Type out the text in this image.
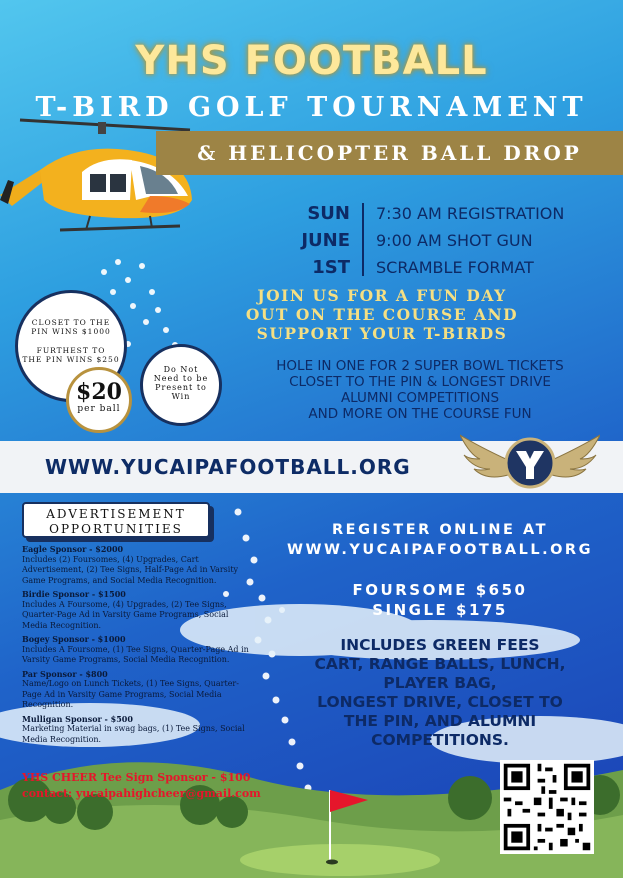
YHS FOOTBALL
T-BIRD GOLF TOURNAMENT
& HELICOPTER BALL DROP
SUN
JUNE
1ST
7:30 AM REGISTRATION
9:00 AM SHOT GUN
SCRAMBLE FORMAT
JOIN US FOR A FUN DAY
OUT ON THE COURSE AND
SUPPORT YOUR T-BIRDS
HOLE IN ONE FOR 2 SUPER BOWL TICKETS
CLOSET TO THE PIN & LONGEST DRIVE
ALUMNI COMPETITIONS
AND MORE ON THE COURSE FUN
CLOSET TO THE
PIN WINS $1000
FURTHEST TO
THE PIN WINS $250
Do Not
Need to be
Present to
Win
$20
per ball
WWW.YUCAIPAFOOTBALL.ORG
ADVERTISEMENT
OPPORTUNITIES
Eagle Sponsor - $2000
Includes (2) Foursomes, (4) Upgrades, Cart Advertisement, (2) Tee Signs, Half-Page Ad in Varsity Game Programs, and Social Media Recognition.
Birdie Sponsor - $1500
Includes A Foursome, (4) Upgrades, (2) Tee Signs, Quarter-Page Ad in Varsity Game Programs, Social Media Recognition.
Bogey Sponsor - $1000
Includes A Foursome, (1) Tee Signs, Quarter-Page Ad in Varsity Game Programs, Social Media Recognition.
Par Sponsor - $800
Name/Logo on Lunch Tickets, (1) Tee Signs, Quarter-Page Ad in Varsity Game Programs, Social Media Recognition.
Mulligan Sponsor - $500
Marketing Material in swag bags, (1) Tee Signs, Social Media Recognition.
YHS CHEER Tee Sign Sponsor - $100
contact: yucaipahighcheer@gmail.com
REGISTER ONLINE AT
WWW.YUCAIPAFOOTBALL.ORG
FOURSOME $650
SINGLE $175
INCLUDES GREEN FEES
CART, RANGE BALLS, LUNCH,
PLAYER BAG,
LONGEST DRIVE, CLOSET TO
THE PIN, AND ALUMNI
COMPETITIONS.
